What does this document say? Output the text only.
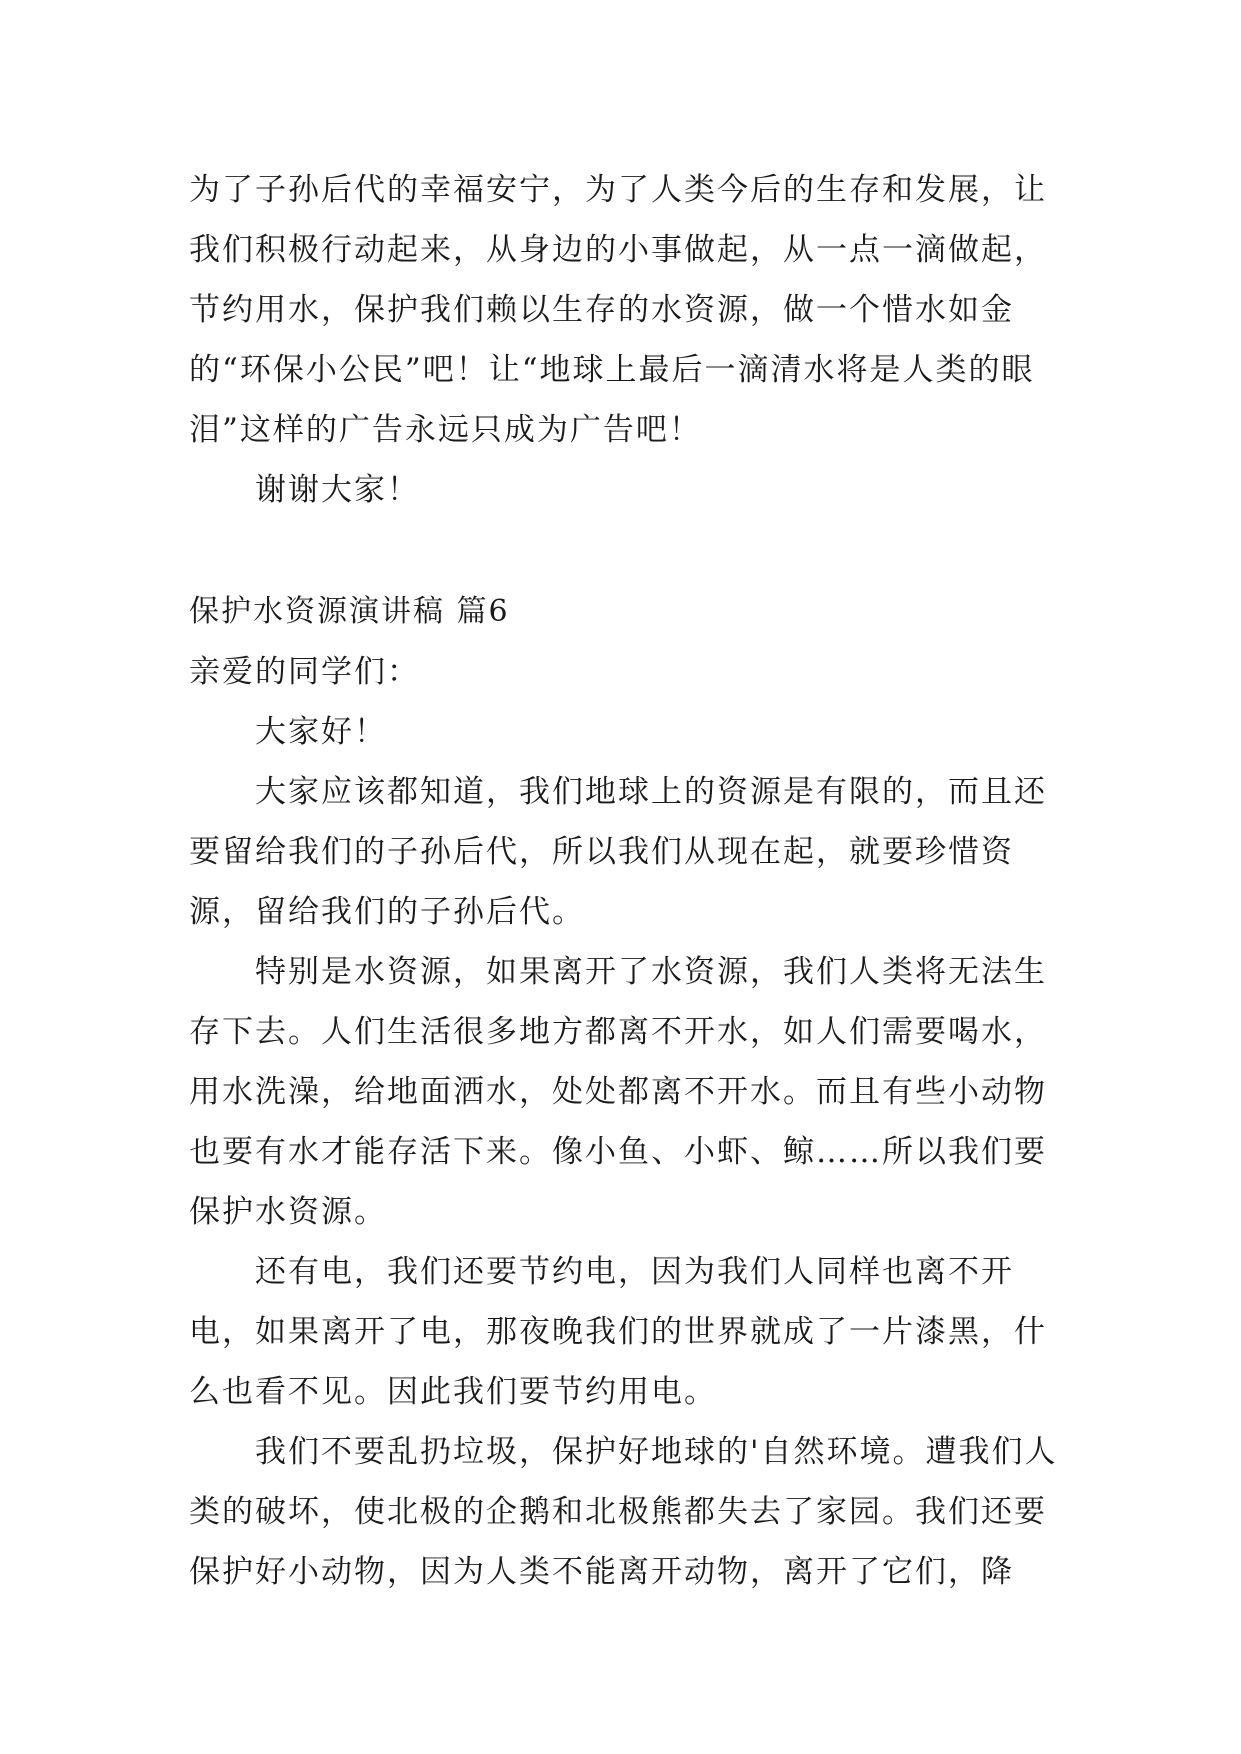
为了子孙后代的幸福安宁，为了人类今后的生存和发展，让我们积极行动起来，从身边的小事做起，从一点一滴做起，节约用水，保护我们赖以生存的水资源，做一个惜水如金的“环保小公民”吧！让“地球上最后一滴清水将是人类的眼泪”这样的广告永远只成为广告吧！

谢谢大家！

保护水资源演讲稿 篇6

亲爱的同学们：

大家好！

大家应该都知道，我们地球上的资源是有限的，而且还要留给我们的子孙后代，所以我们从现在起，就要珍惜资源，留给我们的子孙后代。

特别是水资源，如果离开了水资源，我们人类将无法生存下去。人们生活很多地方都离不开水，如人们需要喝水，用水洗澡，给地面洒水，处处都离不开水。而且有些小动物也要有水才能存活下来。像小鱼、小虾、鲸……所以我们要保护水资源。

还有电，我们还要节约电，因为我们人同样也离不开电，如果离开了电，那夜晚我们的世界就成了一片漆黑，什么也看不见。因此我们要节约用电。

我们不要乱扔垃圾，保护好地球的'自然环境。遭我们人类的破坏，使北极的企鹅和北极熊都失去了家园。我们还要保护好小动物，因为人类不能离开动物，离开了它们，降
